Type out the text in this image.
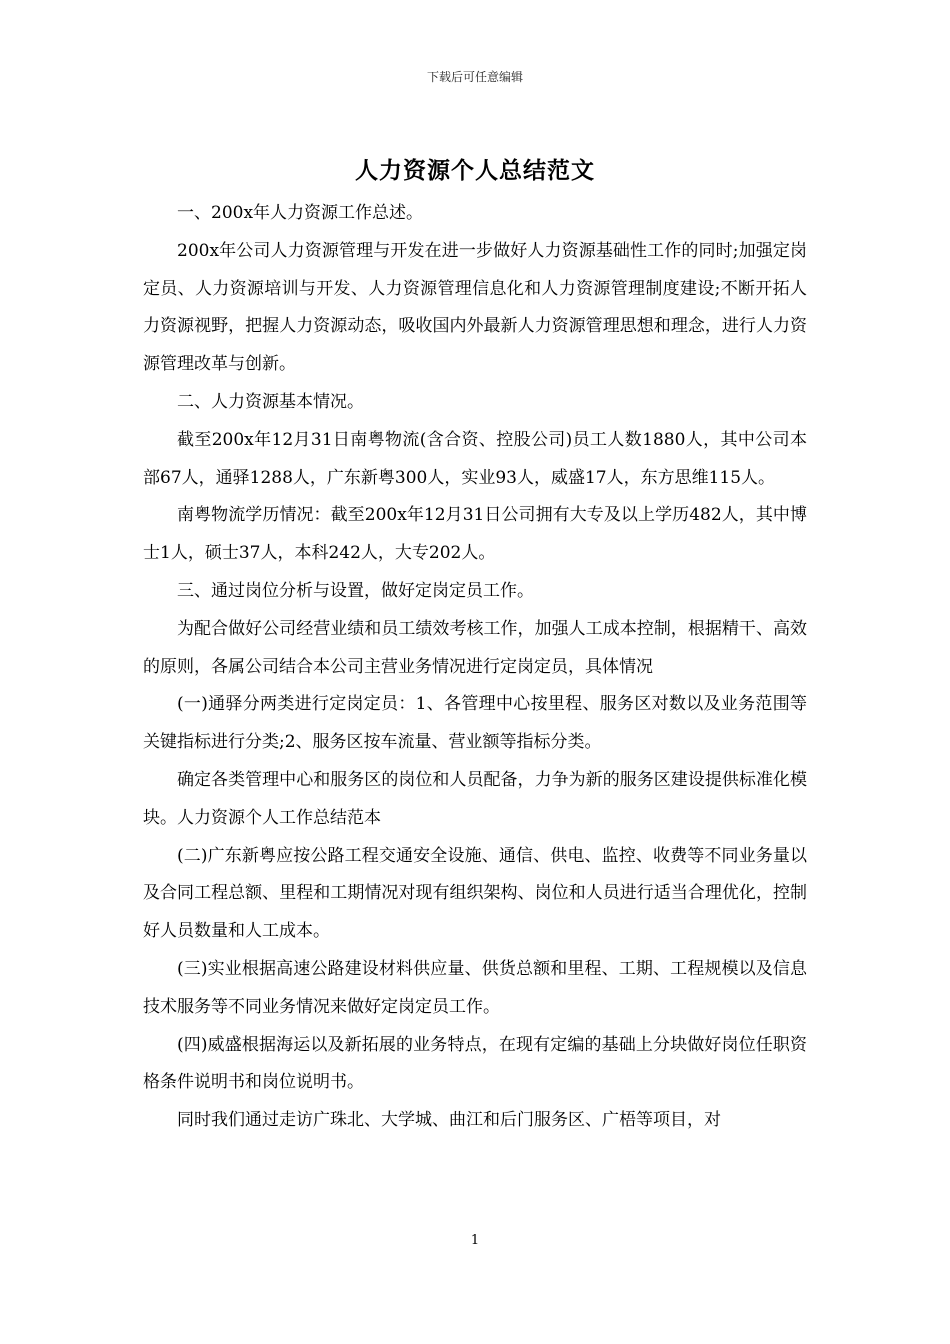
下载后可任意编辑
人力资源个人总结范文

一、200x年人力资源工作总述。

200x年公司人力资源管理与开发在进一步做好人力资源基础性工作的同时;加强定岗定员、人力资源培训与开发、人力资源管理信息化和人力资源管理制度建设;不断开拓人力资源视野，把握人力资源动态，吸收国内外最新人力资源管理思想和理念，进行人力资源管理改革与创新。

二、人力资源基本情况。

截至200x年12月31日南粤物流(含合资、控股公司)员工人数1880人，其中公司本部67人，通驿1288人，广东新粤300人，实业93人，威盛17人，东方思维115人。

南粤物流学历情况：截至200x年12月31日公司拥有大专及以上学历482人，其中博士1人，硕士37人，本科242人，大专202人。

三、通过岗位分析与设置，做好定岗定员工作。

为配合做好公司经营业绩和员工绩效考核工作，加强人工成本控制，根据精干、高效的原则，各属公司结合本公司主营业务情况进行定岗定员，具体情况

(一)通驿分两类进行定岗定员：1、各管理中心按里程、服务区对数以及业务范围等关键指标进行分类;2、服务区按车流量、营业额等指标分类。

确定各类管理中心和服务区的岗位和人员配备，力争为新的服务区建设提供标准化模块。人力资源个人工作总结范本

(二)广东新粤应按公路工程交通安全设施、通信、供电、监控、收费等不同业务量以及合同工程总额、里程和工期情况对现有组织架构、岗位和人员进行适当合理优化，控制好人员数量和人工成本。

(三)实业根据高速公路建设材料供应量、供货总额和里程、工期、工程规模以及信息技术服务等不同业务情况来做好定岗定员工作。

(四)威盛根据海运以及新拓展的业务特点，在现有定编的基础上分块做好岗位任职资格条件说明书和岗位说明书。

同时我们通过走访广珠北、大学城、曲江和后门服务区、广梧等项目，对

1
